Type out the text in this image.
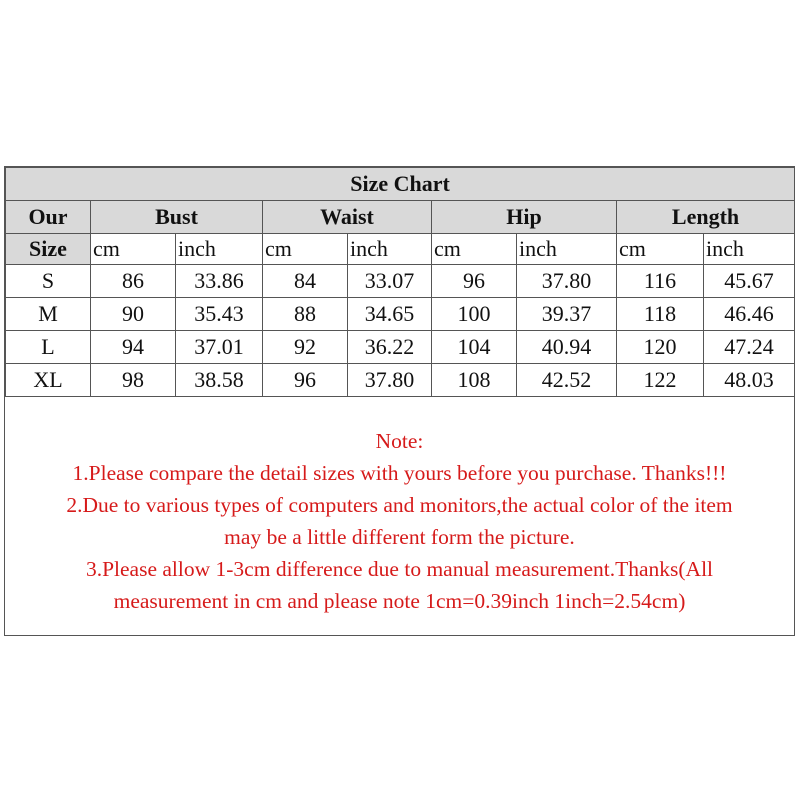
Size Chart								
Our	Bust		Waist		Hip		Length	
Size	cm	inch	cm	inch	cm	inch	cm	inch
S	86	33.86	84	33.07	96	37.80	116	45.67
M	90	35.43	88	34.65	100	39.37	118	46.46
L	94	37.01	92	36.22	104	40.94	120	47.24
XL	98	38.58	96	37.80	108	42.52	122	48.03
Note:
1.Please compare the detail sizes with yours before you purchase. Thanks!!!
2.Due to various types of computers and monitors,the actual color of the item
may be a little different form the picture.
3.Please allow 1-3cm difference due to manual measurement.Thanks(All
measurement in cm and please note 1cm=0.39inch 1inch=2.54cm)
